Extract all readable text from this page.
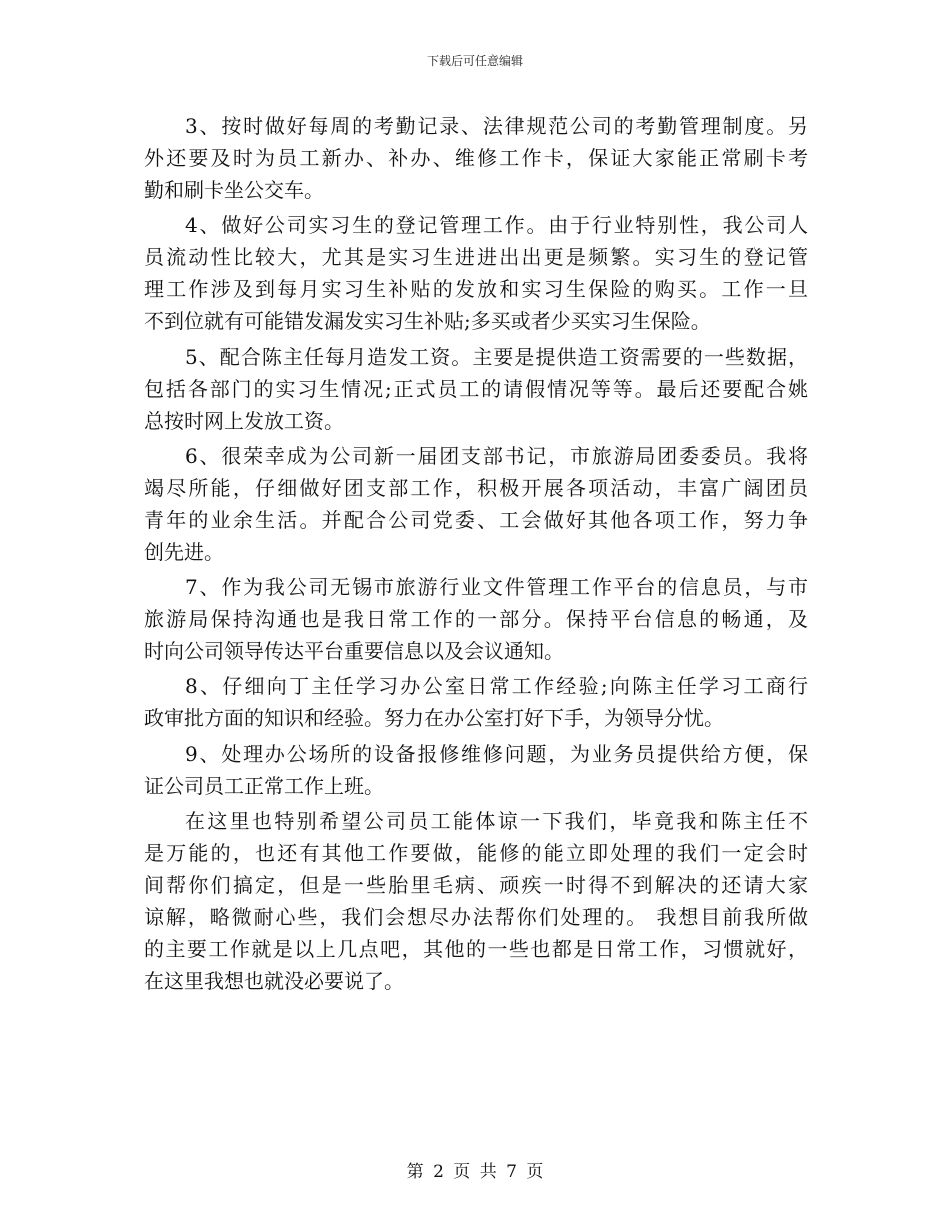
下载后可任意编辑
3、按时做好每周的考勤记录、法律规范公司的考勤管理制度。另
外还要及时为员工新办、补办、维修工作卡，保证大家能正常刷卡考
勤和刷卡坐公交车。
4、做好公司实习生的登记管理工作。由于行业特别性，我公司人
员流动性比较大，尤其是实习生进进出出更是频繁。实习生的登记管
理工作涉及到每月实习生补贴的发放和实习生保险的购买。工作一旦
不到位就有可能错发漏发实习生补贴;多买或者少买实习生保险。
5、配合陈主任每月造发工资。主要是提供造工资需要的一些数据，
包括各部门的实习生情况;正式员工的请假情况等等。最后还要配合姚
总按时网上发放工资。
6、很荣幸成为公司新一届团支部书记，市旅游局团委委员。我将
竭尽所能，仔细做好团支部工作，积极开展各项活动，丰富广阔团员
青年的业余生活。并配合公司党委、工会做好其他各项工作，努力争
创先进。
7、作为我公司无锡市旅游行业文件管理工作平台的信息员，与市
旅游局保持沟通也是我日常工作的一部分。保持平台信息的畅通，及
时向公司领导传达平台重要信息以及会议通知。
8、仔细向丁主任学习办公室日常工作经验;向陈主任学习工商行
政审批方面的知识和经验。努力在办公室打好下手，为领导分忧。
9、处理办公场所的设备报修维修问题，为业务员提供给方便，保
证公司员工正常工作上班。
在这里也特别希望公司员工能体谅一下我们，毕竟我和陈主任不
是万能的，也还有其他工作要做，能修的能立即处理的我们一定会时
间帮你们搞定，但是一些胎里毛病、顽疾一时得不到解决的还请大家
谅解，略微耐心些，我们会想尽办法帮你们处理的。 我想目前我所做
的主要工作就是以上几点吧，其他的一些也都是日常工作，习惯就好，
在这里我想也就没必要说了。
第 2 页 共 7 页
